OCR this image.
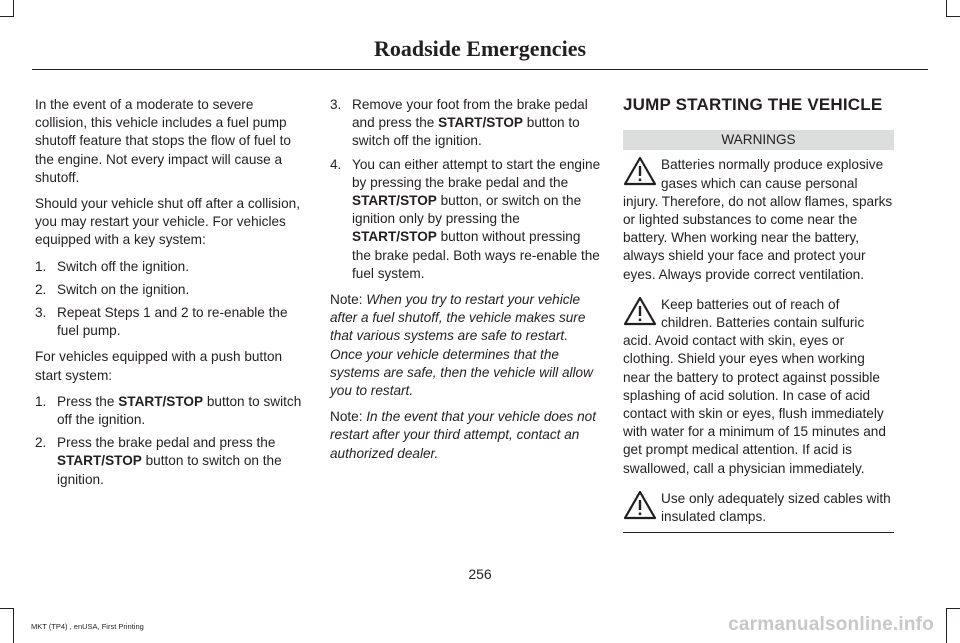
Roadside Emergencies

In the event of a moderate to severe collision, this vehicle includes a fuel pump shutoff feature that stops the flow of fuel to the engine. Not every impact will cause a shutoff.

Should your vehicle shut off after a collision, you may restart your vehicle. For vehicles equipped with a key system:

1. Switch off the ignition.
2. Switch on the ignition.
3. Repeat Steps 1 and 2 to re-enable the fuel pump.

For vehicles equipped with a push button start system:

1. Press the START/STOP button to switch off the ignition.
2. Press the brake pedal and press the START/STOP button to switch on the ignition.
3. Remove your foot from the brake pedal and press the START/STOP button to switch off the ignition.
4. You can either attempt to start the engine by pressing the brake pedal and the START/STOP button, or switch on the ignition only by pressing the START/STOP button without pressing the brake pedal. Both ways re-enable the fuel system.

Note: When you try to restart your vehicle after a fuel shutoff, the vehicle makes sure that various systems are safe to restart. Once your vehicle determines that the systems are safe, then the vehicle will allow you to restart.

Note: In the event that your vehicle does not restart after your third attempt, contact an authorized dealer.

JUMP STARTING THE VEHICLE
WARNINGS
Batteries normally produce explosive gases which can cause personal injury. Therefore, do not allow flames, sparks or lighted substances to come near the battery. When working near the battery, always shield your face and protect your eyes. Always provide correct ventilation.
Keep batteries out of reach of children. Batteries contain sulfuric acid. Avoid contact with skin, eyes or clothing. Shield your eyes when working near the battery to protect against possible splashing of acid solution. In case of acid contact with skin or eyes, flush immediately with water for a minimum of 15 minutes and get prompt medical attention. If acid is swallowed, call a physician immediately.
Use only adequately sized cables with insulated clamps.
256
MKT (TP4) , enUSA, First Printing	carmanualsonline.info
